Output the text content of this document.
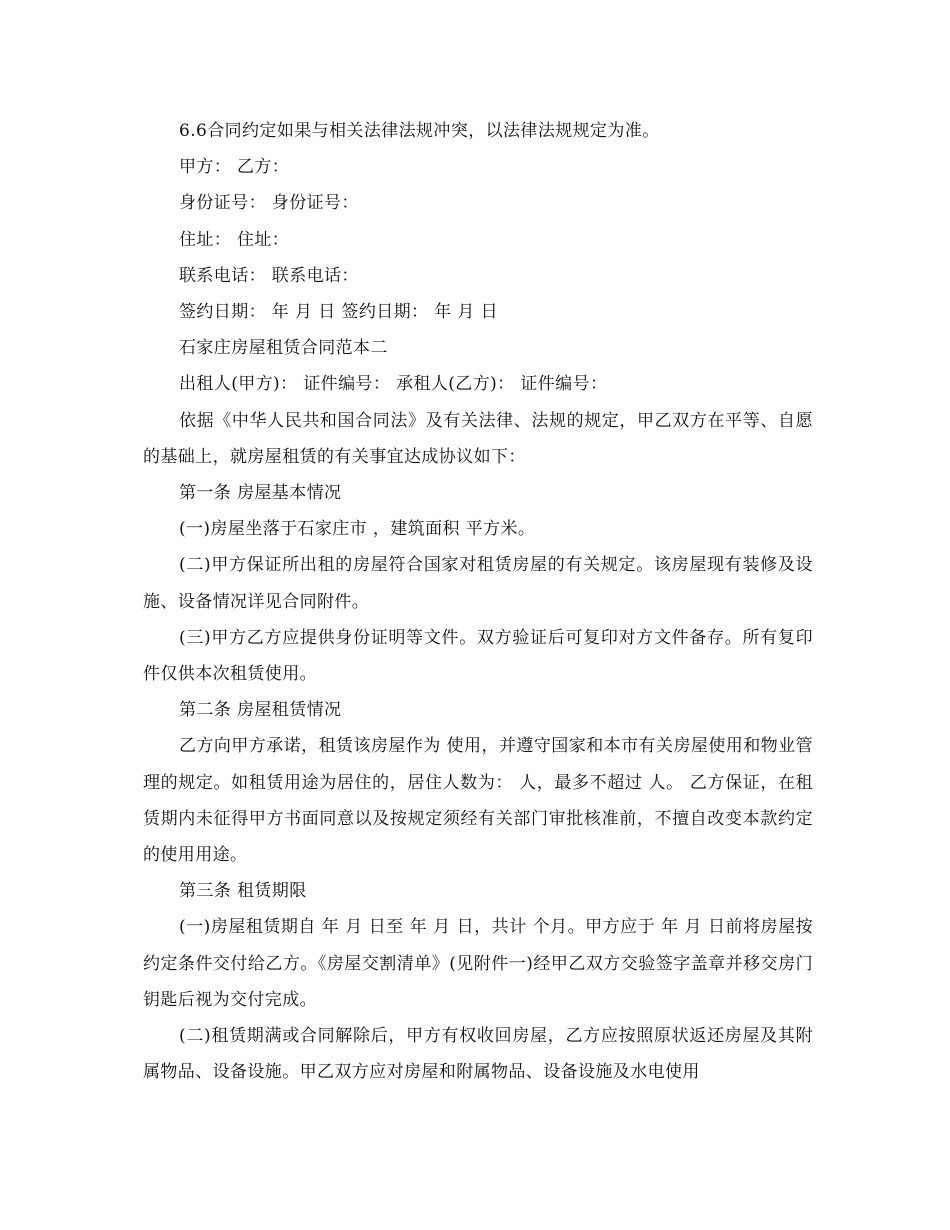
6.6合同约定如果与相关法律法规冲突，以法律法规规定为准。

甲方： 乙方：

身份证号： 身份证号：

住址： 住址：

联系电话： 联系电话：

签约日期： 年 月 日 签约日期： 年 月 日

石家庄房屋租赁合同范本二

出租人(甲方)： 证件编号： 承租人(乙方)： 证件编号：

依据《中华人民共和国合同法》及有关法律、法规的规定，甲乙双方在平等、自愿的基础上，就房屋租赁的有关事宜达成协议如下：

第一条 房屋基本情况

(一)房屋坐落于石家庄市 ，建筑面积 平方米。

(二)甲方保证所出租的房屋符合国家对租赁房屋的有关规定。该房屋现有装修及设施、设备情况详见合同附件。

(三)甲方乙方应提供身份证明等文件。双方验证后可复印对方文件备存。所有复印件仅供本次租赁使用。

第二条 房屋租赁情况

乙方向甲方承诺，租赁该房屋作为 使用，并遵守国家和本市有关房屋使用和物业管理的规定。如租赁用途为居住的，居住人数为： 人，最多不超过 人。 乙方保证，在租赁期内未征得甲方书面同意以及按规定须经有关部门审批核准前，不擅自改变本款约定的使用用途。

第三条 租赁期限

(一)房屋租赁期自 年 月 日至 年 月 日，共计 个月。甲方应于 年 月 日前将房屋按约定条件交付给乙方。《房屋交割清单》(见附件一)经甲乙双方交验签字盖章并移交房门钥匙后视为交付完成。

(二)租赁期满或合同解除后，甲方有权收回房屋，乙方应按照原状返还房屋及其附属物品、设备设施。甲乙双方应对房屋和附属物品、设备设施及水电使用
